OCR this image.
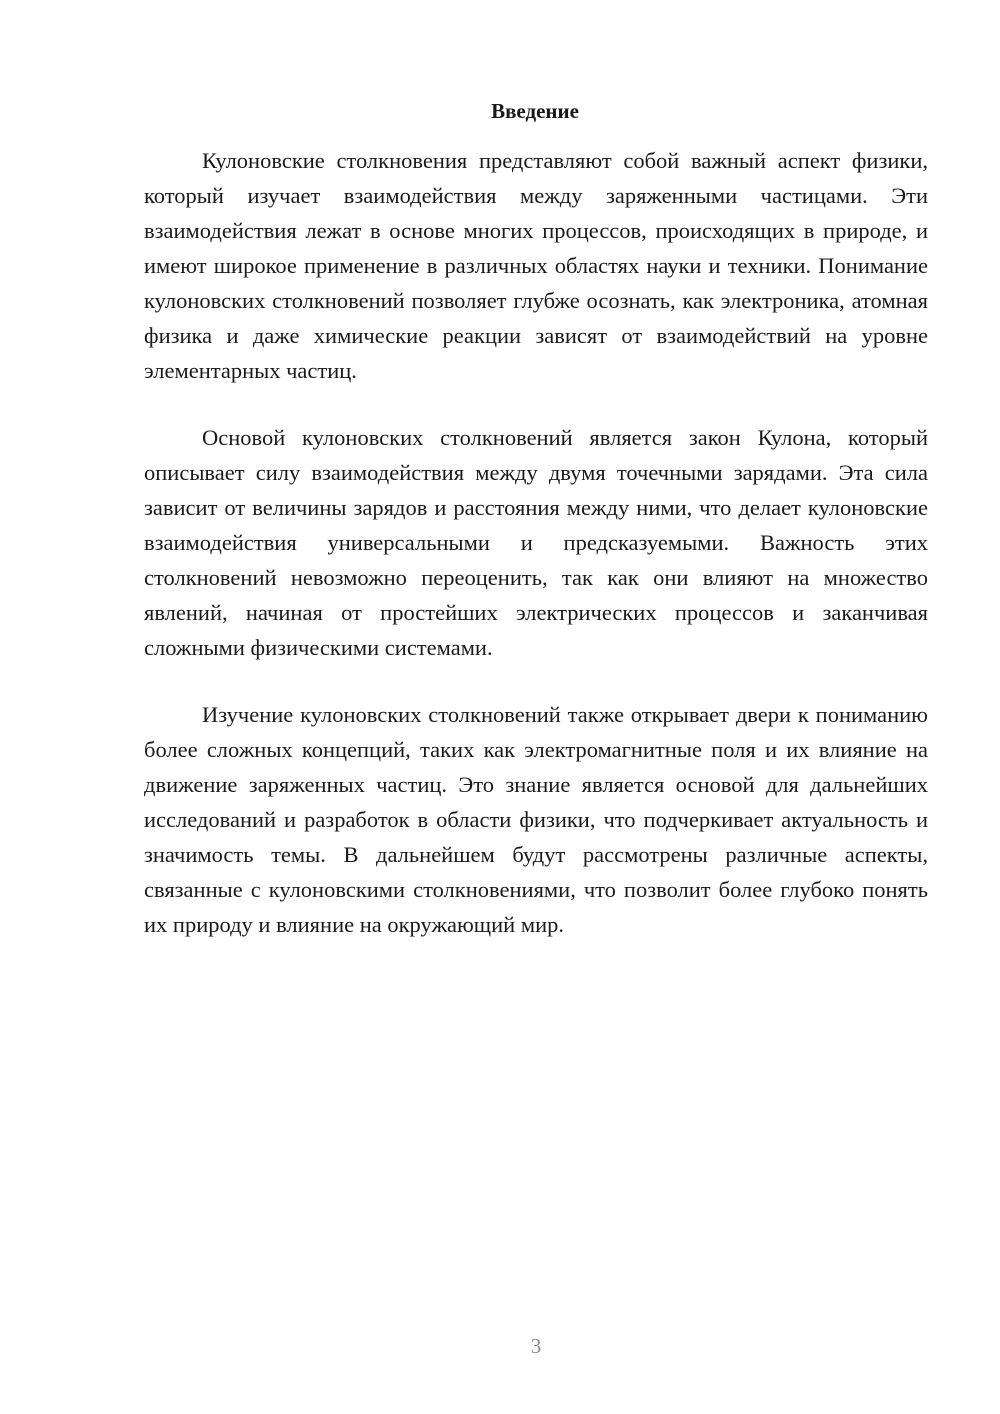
Введение

Кулоновские столкновения представляют собой важный аспект физики, который изучает взаимодействия между заряженными частицами. Эти взаимодействия лежат в основе многих процессов, происходящих в природе, и имеют широкое применение в различных областях науки и техники. Понимание кулоновских столкновений позволяет глубже осознать, как электроника, атомная физика и даже химические реакции зависят от взаимодействий на уровне элементарных частиц.

Основой кулоновских столкновений является закон Кулона, который описывает силу взаимодействия между двумя точечными зарядами. Эта сила зависит от величины зарядов и расстояния между ними, что делает кулоновские взаимодействия универсальными и предсказуемыми. Важность этих столкновений невозможно переоценить, так как они влияют на множество явлений, начиная от простейших электрических процессов и заканчивая сложными физическими системами.

Изучение кулоновских столкновений также открывает двери к пониманию более сложных концепций, таких как электромагнитные поля и их влияние на движение заряженных частиц. Это знание является основой для дальнейших исследований и разработок в области физики, что подчеркивает актуальность и значимость темы. В дальнейшем будут рассмотрены различные аспекты, связанные с кулоновскими столкновениями, что позволит более глубоко понять их природу и влияние на окружающий мир.

3
